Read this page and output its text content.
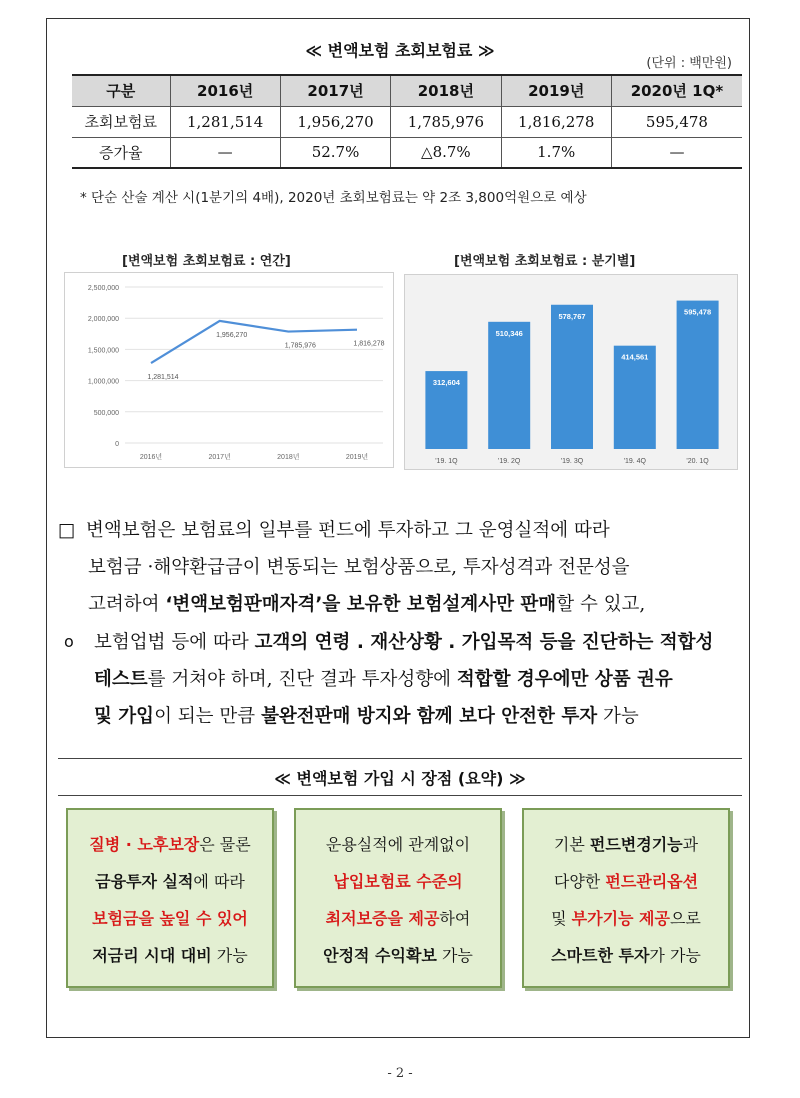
≪ 변액보험 초회보험료 ≫
(단위 : 백만원)
구분	2016년	2017년	2018년	2019년	2020년 1Q*
초회보험료	1,281,514	1,956,270	1,785,976	1,816,278	595,478
증가율	—	52.7%	△8.7%	1.7%	—
* 단순 산술 계산 시(1분기의 4배), 2020년 초회보험료는 약 2조 3,800억원으로 예상
[변액보험 초회보험료 : 연간]
0
500,000
1,000,000
1,500,000
2,000,000
2,500,000
2016년	2017년	2018년	2019년
1,281,514
1,956,270
1,785,976	1,816,278
[변액보험 초회보험료 : 분기별]
312,604
'19. 1Q
510,346
'19. 2Q
578,767
'19. 3Q
414,561
'19. 4Q
595,478
'20. 1Q
□ 변액보험은 보험료의 일부를 펀드에 투자하고 그 운영실적에 따라
보험금 ·해약환급금이 변동되는 보험상품으로, 투자성격과 전문성을
고려하여 ‘변액보험판매자격’을 보유한 보험설계사만 판매할 수 있고,
ο 보험업법 등에 따라 고객의 연령 . 재산상황 . 가입목적 등을 진단하는 적합성
테스트를 거쳐야 하며, 진단 결과 투자성향에 적합할 경우에만 상품 권유
및 가입이 되는 만큼 불완전판매 방지와 함께 보다 안전한 투자 가능
≪ 변액보험 가입 시 장점 (요약) ≫
질병 · 노후보장은 물론
금융투자 실적에 따라
보험금을 높일 수 있어
저금리 시대 대비 가능
운용실적에 관계없이
납입보험료 수준의
최저보증을 제공하여
안정적 수익확보 가능
기본 펀드변경기능과
다양한 펀드관리옵션
및 부가기능 제공으로
스마트한 투자가 가능
- 2 -
